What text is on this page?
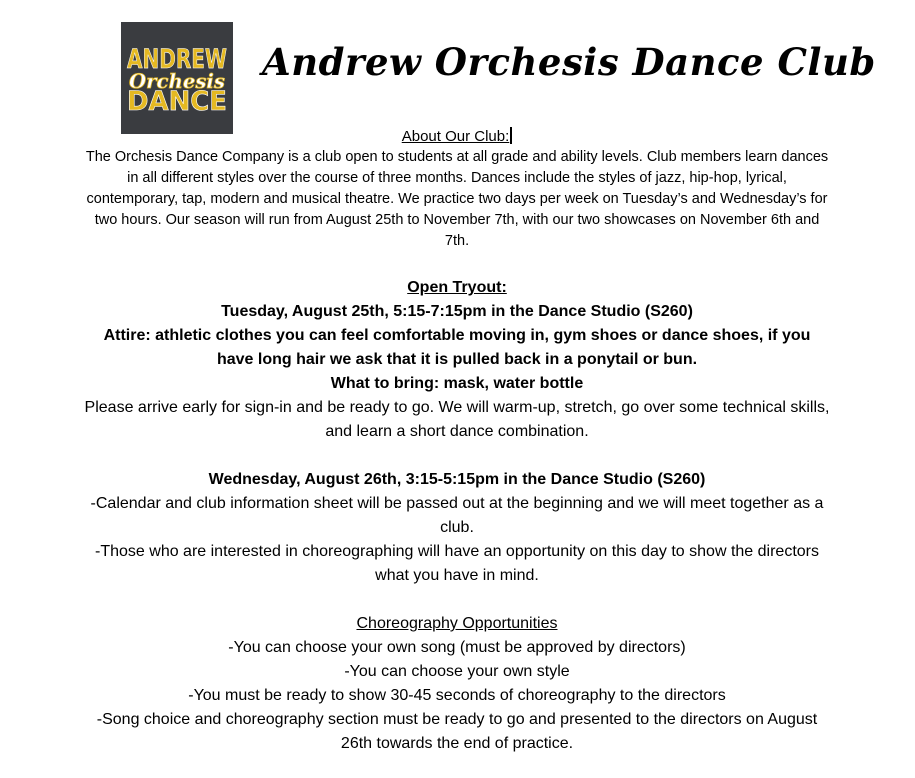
ANDREW
Orchesis
DANCE
Andrew Orchesis Dance Club
About Our Club:

The Orchesis Dance Company is a club open to students at all grade and ability levels. Club members learn dances in all different styles over the course of three months. Dances include the styles of jazz, hip-hop, lyrical, contemporary, tap, modern and musical theatre. We practice two days per week on Tuesday’s and Wednesday’s for two hours. Our season will run from August 25th to November 7th, with our two showcases on November 6th and 7th.

Open Tryout:
Tuesday, August 25th, 5:15-7:15pm in the Dance Studio (S260)
Attire: athletic clothes you can feel comfortable moving in, gym shoes or dance shoes, if you have long hair we ask that it is pulled back in a ponytail or bun.
What to bring: mask, water bottle
Please arrive early for sign-in and be ready to go. We will warm-up, stretch, go over some technical skills, and learn a short dance combination.
Wednesday, August 26th, 3:15-5:15pm in the Dance Studio (S260)
-Calendar and club information sheet will be passed out at the beginning and we will meet together as a club.
-Those who are interested in choreographing will have an opportunity on this day to show the directors what you have in mind.
Choreography Opportunities
-You can choose your own song (must be approved by directors)
-You can choose your own style
-You must be ready to show 30-45 seconds of choreography to the directors
-Song choice and choreography section must be ready to go and presented to the directors on August 26th towards the end of practice.
